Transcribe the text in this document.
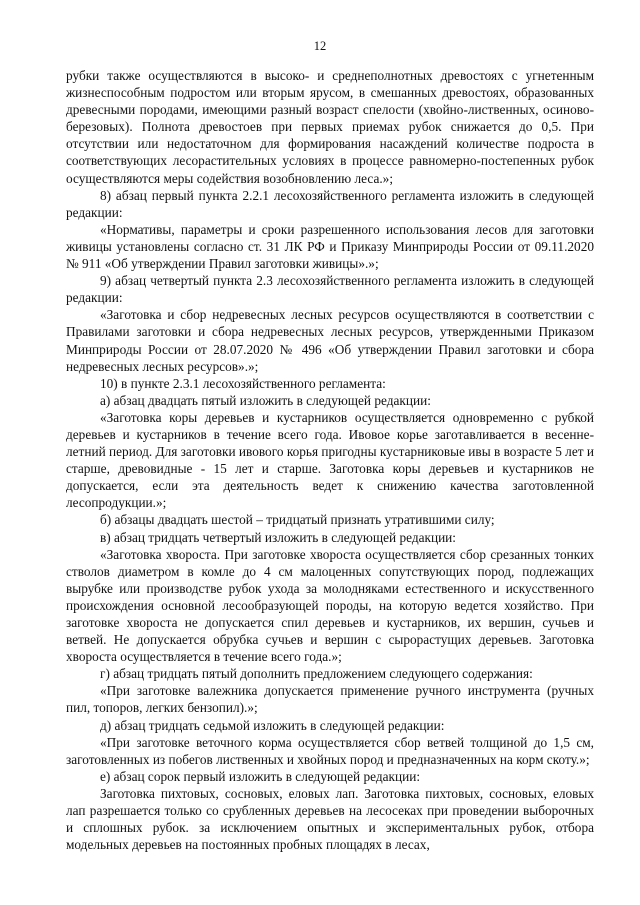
12

рубки также осуществляются в высоко- и среднеполнотных древостоях с угнетенным жизнеспособным подростом или вторым ярусом, в смешанных древостоях, образованных древесными породами, имеющими разный возраст спелости (хвойно-лиственных, осиново-березовых). Полнота древостоев при первых приемах рубок снижается до 0,5. При отсутствии или недостаточном для формирования насаждений количестве подроста в соответствующих лесорастительных условиях в процессе равномерно-постепенных рубок осуществляются меры содействия возобновлению леса.»;

8) абзац первый пункта 2.2.1 лесохозяйственного регламента изложить в следующей редакции:

«Нормативы, параметры и сроки разрешенного использования лесов для заготовки живицы установлены согласно ст. 31 ЛК РФ и Приказу Минприроды России от 09.11.2020 № 911 «Об утверждении Правил заготовки живицы».»;

9) абзац четвертый пункта 2.3 лесохозяйственного регламента изложить в следующей редакции:

«Заготовка и сбор недревесных лесных ресурсов осуществляются в соответствии с Правилами заготовки и сбора недревесных лесных ресурсов, утвержденными Приказом Минприроды России от 28.07.2020 № 496 «Об утверждении Правил заготовки и сбора недревесных лесных ресурсов».»;

10) в пункте 2.3.1 лесохозяйственного регламента:

а) абзац двадцать пятый изложить в следующей редакции:

«Заготовка коры деревьев и кустарников осуществляется одновременно с рубкой деревьев и кустарников в течение всего года. Ивовое корье заготавливается в весенне-летний период. Для заготовки ивового корья пригодны кустарниковые ивы в возрасте 5 лет и старше, древовидные - 15 лет и старше. Заготовка коры деревьев и кустарников не допускается, если эта деятельность ведет к снижению качества заготовленной лесопродукции.»;

б) абзацы двадцать шестой – тридцатый признать утратившими силу;

в) абзац тридцать четвертый изложить в следующей редакции:

«Заготовка хвороста. При заготовке хвороста осуществляется сбор срезанных тонких стволов диаметром в комле до 4 см малоценных сопутствующих пород, подлежащих вырубке или производстве рубок ухода за молодняками естественного и искусственного происхождения основной лесообразующей породы, на которую ведется хозяйство. При заготовке хвороста не допускается спил деревьев и кустарников, их вершин, сучьев и ветвей. Не допускается обрубка сучьев и вершин с сырорастущих деревьев. Заготовка хвороста осуществляется в течение всего года.»;

г) абзац тридцать пятый дополнить предложением следующего содержания:

«При заготовке валежника допускается применение ручного инструмента (ручных пил, топоров, легких бензопил).»;

д) абзац тридцать седьмой изложить в следующей редакции:

«При заготовке веточного корма осуществляется сбор ветвей толщиной до 1,5 см, заготовленных из побегов лиственных и хвойных пород и предназначенных на корм скоту.»;

е) абзац сорок первый изложить в следующей редакции:

Заготовка пихтовых, сосновых, еловых лап. Заготовка пихтовых, сосновых, еловых лап разрешается только со срубленных деревьев на лесосеках при проведении выборочных и сплошных рубок. за исключением опытных и экспериментальных рубок, отбора модельных деревьев на постоянных пробных площадях в лесах,
